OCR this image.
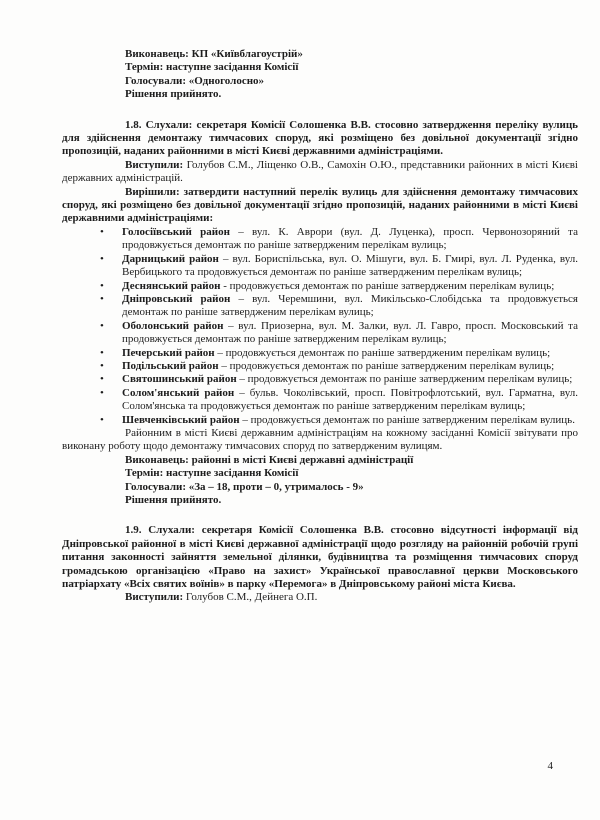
Виконавець: КП «Київблагоустрій»

Термін: наступне засідання Комісії

Голосували: «Одноголосно»

Рішення прийнято.

1.8. Слухали: секретаря Комісії Солошенка В.В. стосовно затвердження переліку вулиць для здійснення демонтажу тимчасових споруд, які розміщено без довільної документації згідно пропозицій, наданих районними в місті Києві державними адміністраціями.

Виступили: Голубов С.М., Ліщенко О.В., Самохін О.Ю., представники районних в місті Києві державних адміністрацій.

Вирішили: затвердити наступний перелік вулиць для здійснення демонтажу тимчасових споруд, які розміщено без довільної документації згідно пропозицій, наданих районними в місті Києві державними адміністраціями:

• Голосіївський район – вул. К. Аврори (вул. Д. Луценка), просп. Червонозоряний та продовжується демонтаж по раніше затвердженим перелікам вулиць;
• Дарницький район – вул. Бориспільська, вул. О. Мішуги, вул. Б. Гмирі, вул. Л. Руденка, вул. Вербицького та продовжується демонтаж по раніше затвердженим перелікам вулиць;
• Деснянський район - продовжується демонтаж по раніше затвердженим перелікам вулиць;
• Дніпровський район – вул. Черемшини, вул. Микільсько-Слобідська та продовжується демонтаж по раніше затвердженим перелікам вулиць;
• Оболонський район – вул. Приозерна, вул. М. Залки, вул. Л. Гавро, просп. Московський та продовжується демонтаж по раніше затвердженим перелікам вулиць;
• Печерський район – продовжується демонтаж по раніше затвердженим перелікам вулиць;
• Подільський район – продовжується демонтаж по раніше затвердженим перелікам вулиць;
• Святошинський район – продовжується демонтаж по раніше затвердженим перелікам вулиць;
• Солом'янський район – бульв. Чоколівський, просп. Повітрофлотський, вул. Гарматна, вул. Солом'янська та продовжується демонтаж по раніше затвердженим перелікам вулиць;
• Шевченківський район – продовжується демонтаж по раніше затвердженим перелікам вулиць.

Районним в місті Києві державним адміністраціям на кожному засіданні Комісії звітувати про виконану роботу щодо демонтажу тимчасових споруд по затвердженим вулицям.

Виконавець: районні в місті Києві державні адміністрації

Термін: наступне засідання Комісії

Голосували: «За – 18, проти – 0, утрималось - 9»

Рішення прийнято.

1.9. Слухали: секретаря Комісії Солошенка В.В. стосовно відсутності інформації від Дніпровської районної в місті Києві державної адміністрації щодо розгляду на районній робочій групі питання законності зайняття земельної ділянки, будівництва та розміщення тимчасових споруд громадською організацією «Право на захист» Української православної церкви Московського патріархату «Всіх святих воїнів» в парку «Перемога» в Дніпровському районі міста Києва.

Виступили: Голубов С.М., Дейнега О.П.

4
